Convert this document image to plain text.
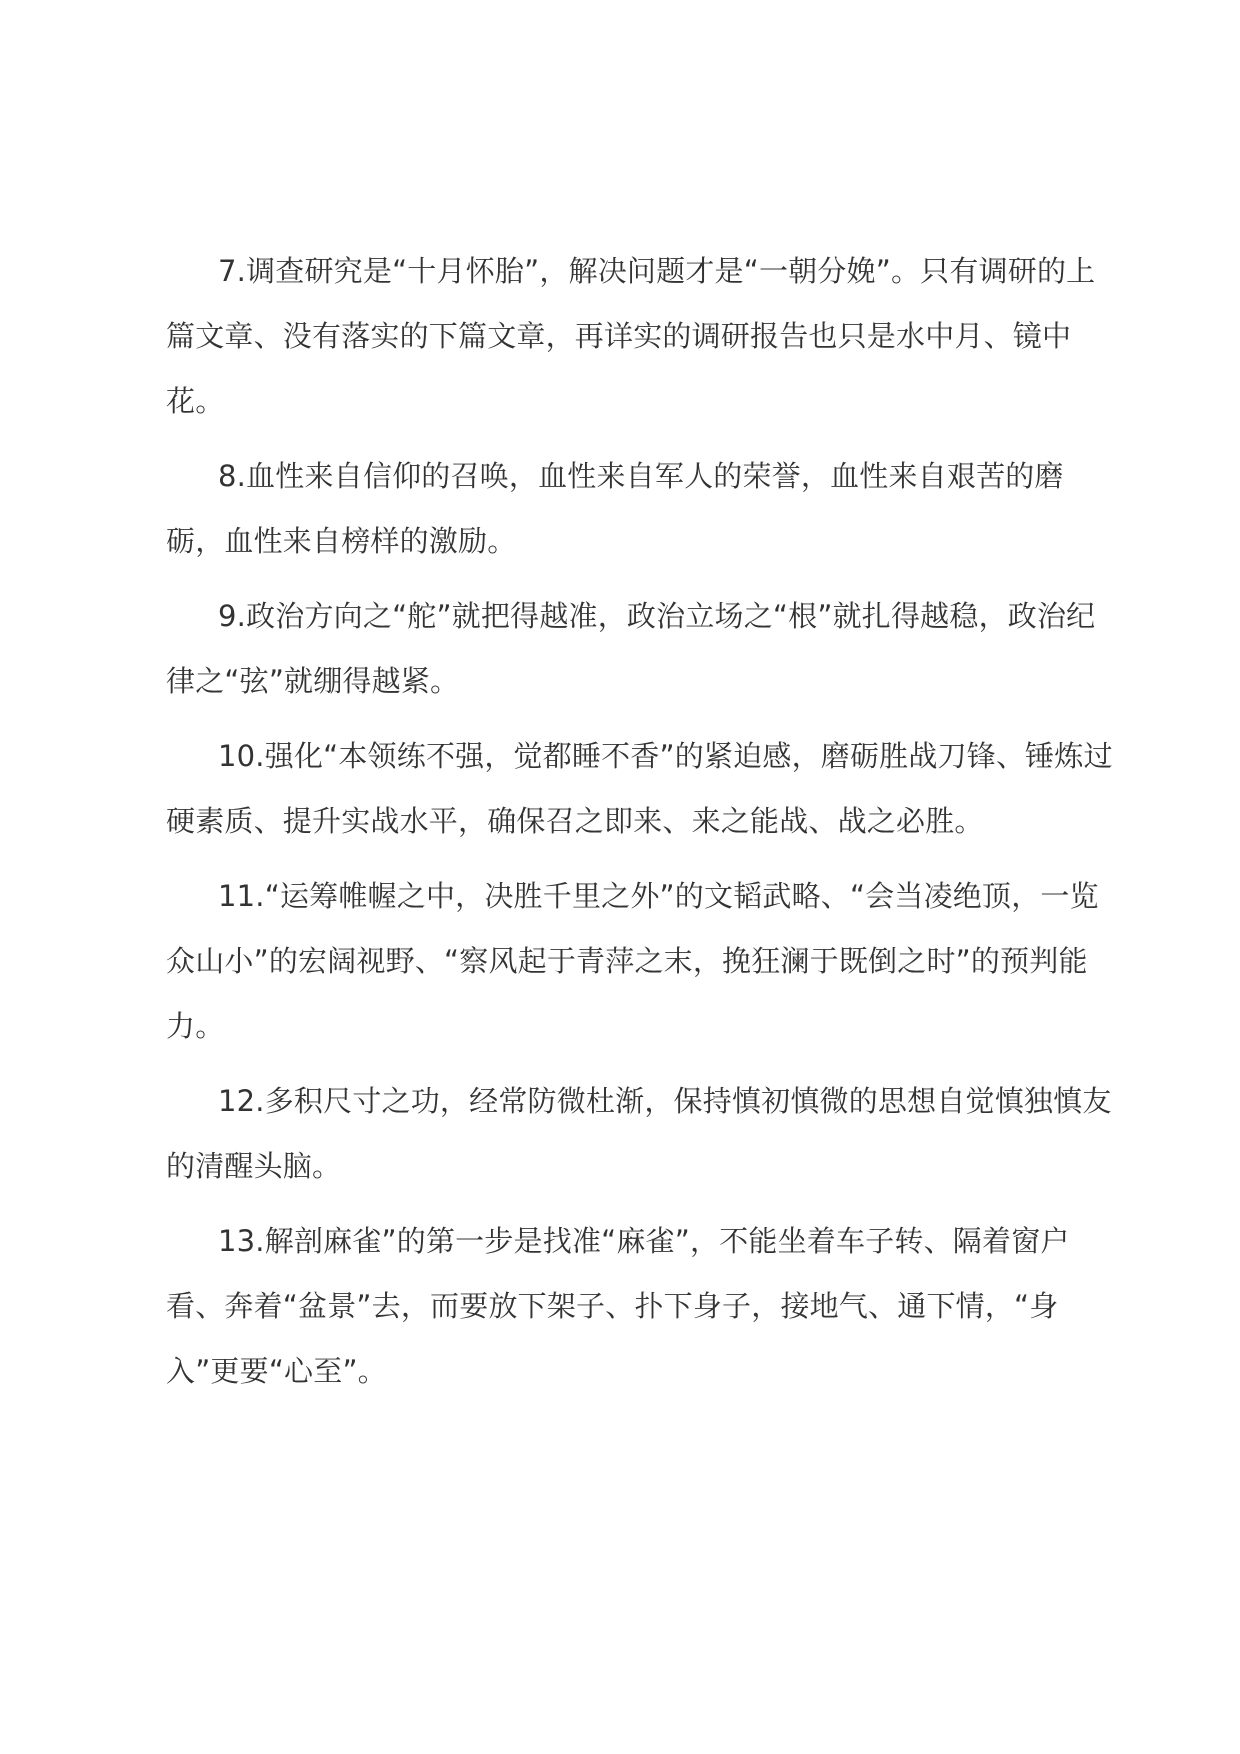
7.调查研究是“十月怀胎”，解决问题才是“一朝分娩”。只有调研的上篇文章、没有落实的下篇文章，再详实的调研报告也只是水中月、镜中花。

8.血性来自信仰的召唤，血性来自军人的荣誉，血性来自艰苦的磨砺，血性来自榜样的激励。

9.政治方向之“舵”就把得越准，政治立场之“根”就扎得越稳，政治纪律之“弦”就绷得越紧。

10.强化“本领练不强，觉都睡不香”的紧迫感，磨砺胜战刀锋、锤炼过硬素质、提升实战水平，确保召之即来、来之能战、战之必胜。

11.“运筹帷幄之中，决胜千里之外”的文韬武略、“会当凌绝顶，一览众山小”的宏阔视野、“察风起于青萍之末，挽狂澜于既倒之时”的预判能力。

12.多积尺寸之功，经常防微杜渐，保持慎初慎微的思想自觉慎独慎友的清醒头脑。

13.解剖麻雀”的第一步是找准“麻雀”，不能坐着车子转、隔着窗户看、奔着“盆景”去，而要放下架子、扑下身子，接地气、通下情，“身入”更要“心至”。
